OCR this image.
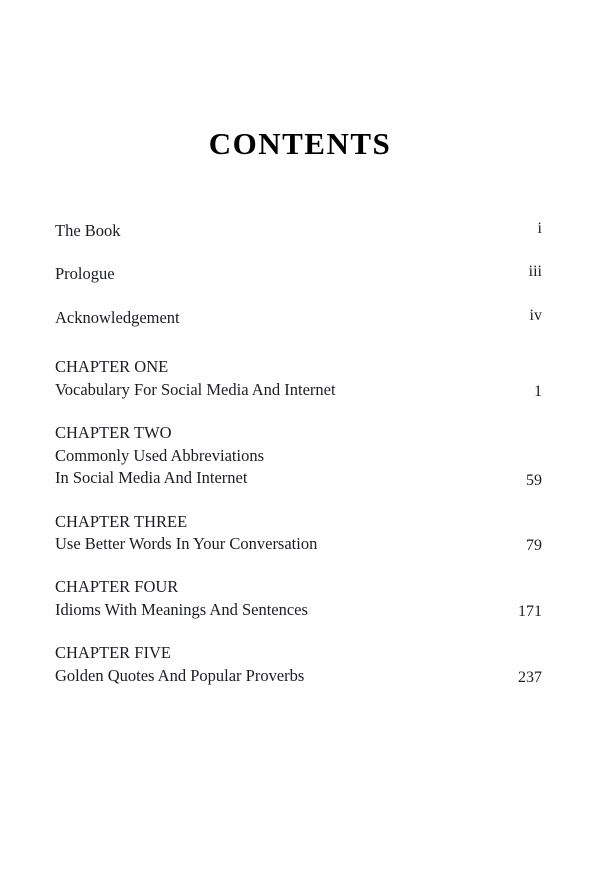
CONTENTS
The Book	i
Prologue	iii
Acknowledgement	iv
CHAPTER ONE
Vocabulary For Social Media And Internet	1
CHAPTER TWO
Commonly Used Abbreviations
In Social Media And Internet	59
CHAPTER THREE
Use Better Words In Your Conversation	79
CHAPTER FOUR
Idioms With Meanings And Sentences	171
CHAPTER FIVE
Golden Quotes And Popular Proverbs	237
